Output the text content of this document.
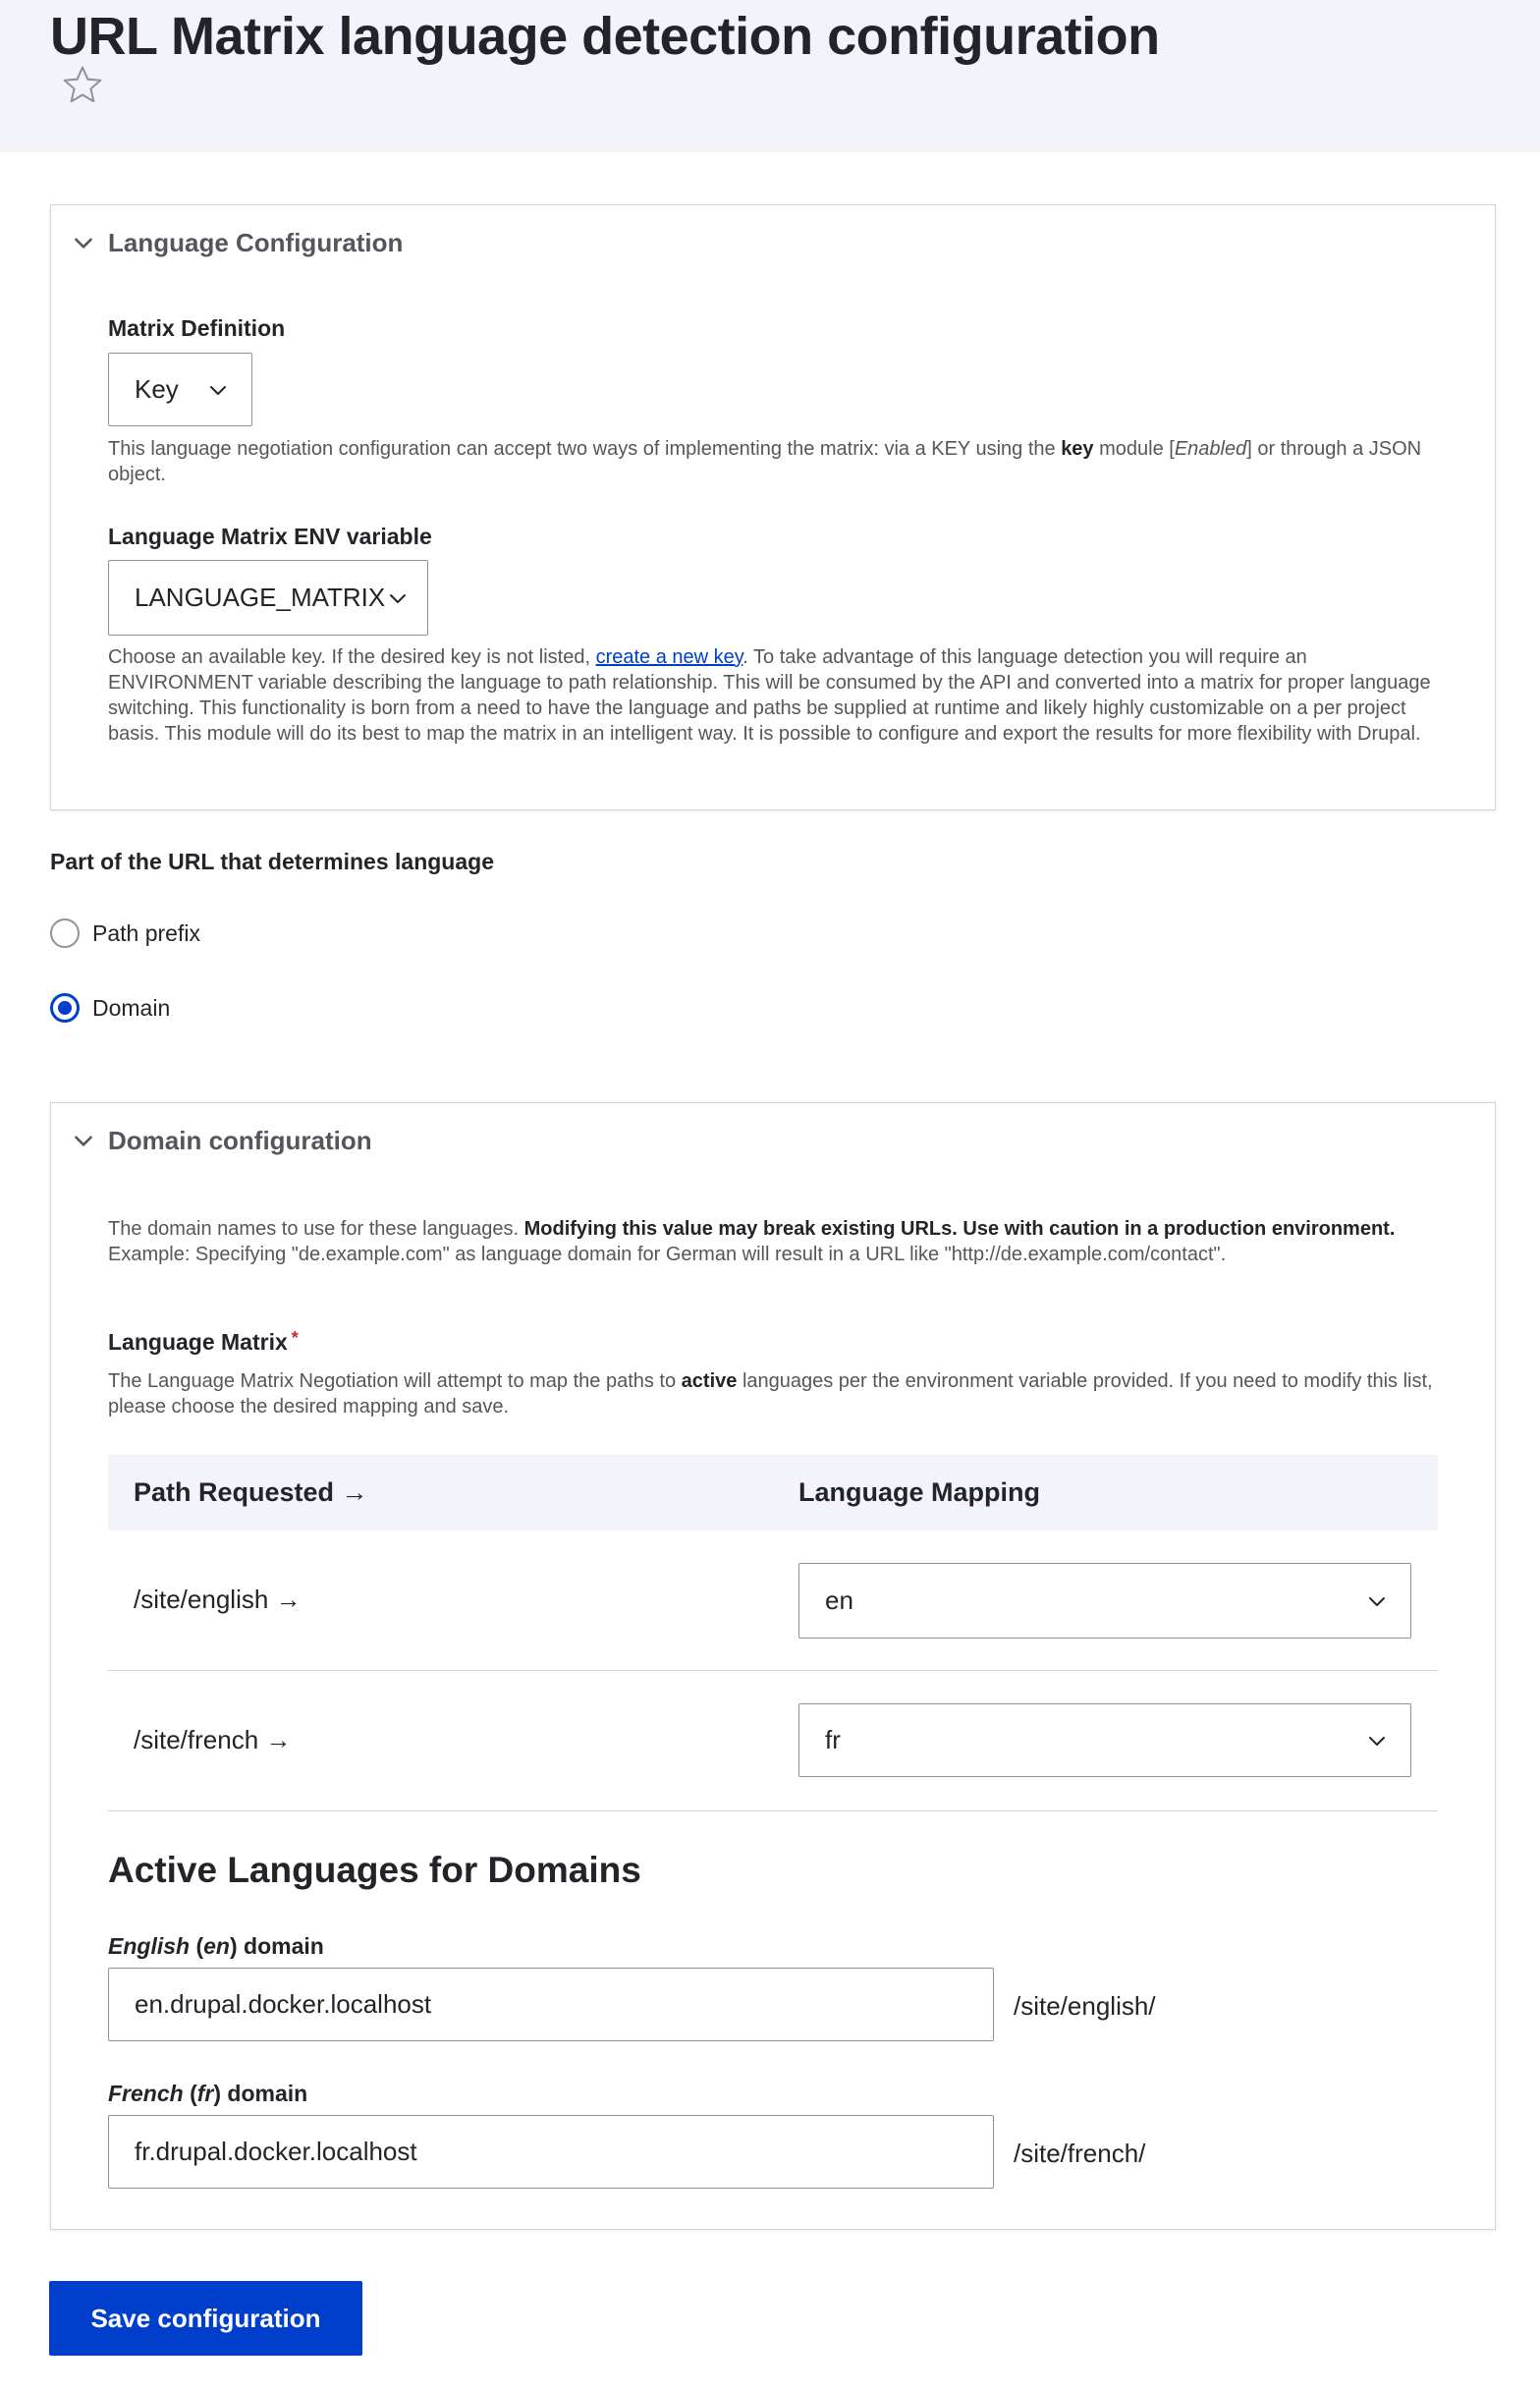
URL Matrix language detection configuration
Language Configuration
Matrix Definition
Key
This language negotiation configuration can accept two ways of implementing the matrix: via a KEY using the key module [Enabled] or through a JSON object.
Language Matrix ENV variable
LANGUAGE_MATRIX
Choose an available key. If the desired key is not listed, create a new key. To take advantage of this language detection you will require an ENVIRONMENT variable describing the language to path relationship. This will be consumed by the API and converted into a matrix for proper language switching. This functionality is born from a need to have the language and paths be supplied at runtime and likely highly customizable on a per project basis. This module will do its best to map the matrix in an intelligent way. It is possible to configure and export the results for more flexibility with Drupal.
Part of the URL that determines language
Path prefix
Domain
Domain configuration
The domain names to use for these languages. Modifying this value may break existing URLs. Use with caution in a production environment. Example: Specifying "de.example.com" as language domain for German will result in a URL like "http://de.example.com/contact".
Language Matrix *
The Language Matrix Negotiation will attempt to map the paths to active languages per the environment variable provided. If you need to modify this list, please choose the desired mapping and save.
Path Requested →	Language Mapping
/site/english →	en
/site/french →	fr
Active Languages for Domains
English (en) domain
en.drupal.docker.localhost
/site/english/
French (fr) domain
fr.drupal.docker.localhost
/site/french/
Save configuration
